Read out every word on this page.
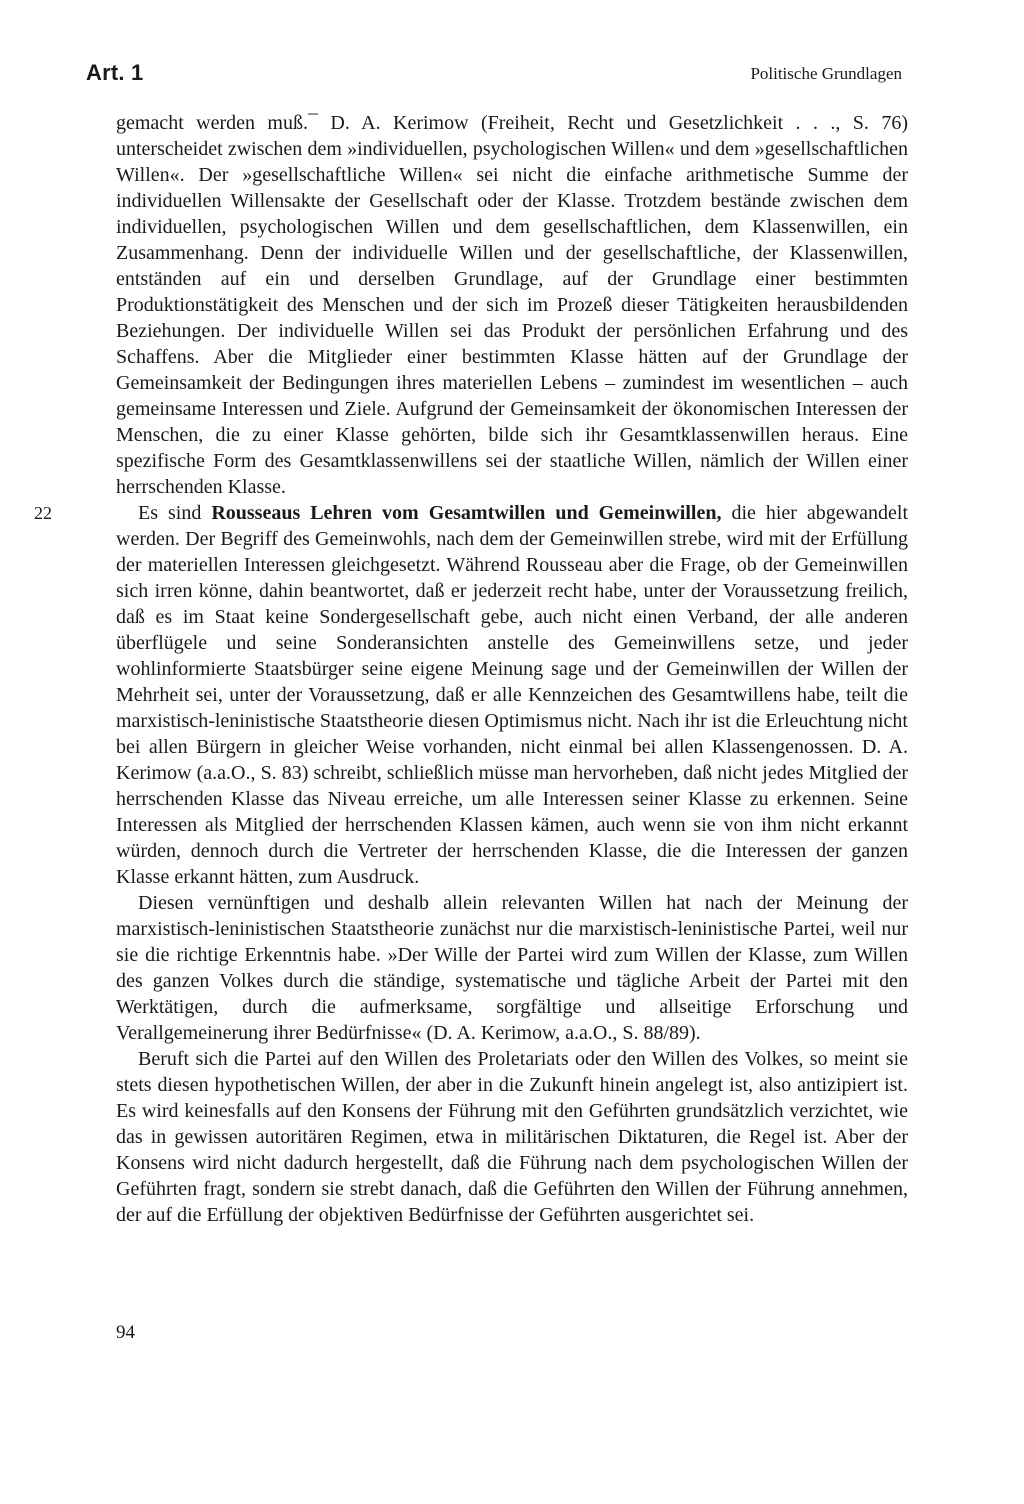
Art. 1	Politische Grundlagen

gemacht werden muß.¯ D. A. Kerimow (Freiheit, Recht und Gesetzlichkeit . . ., S. 76) unterscheidet zwischen dem »individuellen, psychologischen Willen« und dem »gesellschaftlichen Willen«. Der »gesellschaftliche Willen« sei nicht die einfache arithmetische Summe der individuellen Willensakte der Gesellschaft oder der Klasse. Trotzdem bestände zwischen dem individuellen, psychologischen Willen und dem gesellschaftlichen, dem Klassenwillen, ein Zusammenhang. Denn der individuelle Willen und der gesellschaftliche, der Klassenwillen, entständen auf ein und derselben Grundlage, auf der Grundlage einer bestimmten Produktionstätigkeit des Menschen und der sich im Prozeß dieser Tätigkeiten herausbildenden Beziehungen. Der individuelle Willen sei das Produkt der persönlichen Erfahrung und des Schaffens. Aber die Mitglieder einer bestimmten Klasse hätten auf der Grundlage der Gemeinsamkeit der Bedingungen ihres materiellen Lebens – zumindest im wesentlichen – auch gemeinsame Interessen und Ziele. Aufgrund der Gemeinsamkeit der ökonomischen Interessen der Menschen, die zu einer Klasse gehörten, bilde sich ihr Gesamtklassenwillen heraus. Eine spezifische Form des Gesamtklassenwillens sei der staatliche Willen, nämlich der Willen einer herrschenden Klasse.

22	Es sind Rousseaus Lehren vom Gesamtwillen und Gemeinwillen, die hier abgewandelt werden. Der Begriff des Gemeinwohls, nach dem der Gemeinwillen strebe, wird mit der Erfüllung der materiellen Interessen gleichgesetzt. Während Rousseau aber die Frage, ob der Gemeinwillen sich irren könne, dahin beantwortet, daß er jederzeit recht habe, unter der Voraussetzung freilich, daß es im Staat keine Sondergesellschaft gebe, auch nicht einen Verband, der alle anderen überflügele und seine Sonderansichten anstelle des Gemeinwillens setze, und jeder wohlinformierte Staatsbürger seine eigene Meinung sage und der Gemeinwillen der Willen der Mehrheit sei, unter der Voraussetzung, daß er alle Kennzeichen des Gesamtwillens habe, teilt die marxistisch-leninistische Staatstheorie diesen Optimismus nicht. Nach ihr ist die Erleuchtung nicht bei allen Bürgern in gleicher Weise vorhanden, nicht einmal bei allen Klassengenossen. D. A. Kerimow (a.a.O., S. 83) schreibt, schließlich müsse man hervorheben, daß nicht jedes Mitglied der herrschenden Klasse das Niveau erreiche, um alle Interessen seiner Klasse zu erkennen. Seine Interessen als Mitglied der herrschenden Klassen kämen, auch wenn sie von ihm nicht erkannt würden, dennoch durch die Vertreter der herrschenden Klasse, die die Interessen der ganzen Klasse erkannt hätten, zum Ausdruck.

Diesen vernünftigen und deshalb allein relevanten Willen hat nach der Meinung der marxistisch-leninistischen Staatstheorie zunächst nur die marxistisch-leninistische Partei, weil nur sie die richtige Erkenntnis habe. »Der Wille der Partei wird zum Willen der Klasse, zum Willen des ganzen Volkes durch die ständige, systematische und tägliche Arbeit der Partei mit den Werktätigen, durch die aufmerksame, sorgfältige und allseitige Erforschung und Verallgemeinerung ihrer Bedürfnisse« (D. A. Kerimow, a.a.O., S. 88/89).

Beruft sich die Partei auf den Willen des Proletariats oder den Willen des Volkes, so meint sie stets diesen hypothetischen Willen, der aber in die Zukunft hinein angelegt ist, also antizipiert ist. Es wird keinesfalls auf den Konsens der Führung mit den Geführten grundsätzlich verzichtet, wie das in gewissen autoritären Regimen, etwa in militärischen Diktaturen, die Regel ist. Aber der Konsens wird nicht dadurch hergestellt, daß die Führung nach dem psychologischen Willen der Geführten fragt, sondern sie strebt danach, daß die Geführten den Willen der Führung annehmen, der auf die Erfüllung der objektiven Bedürfnisse der Geführten ausgerichtet sei.

94
